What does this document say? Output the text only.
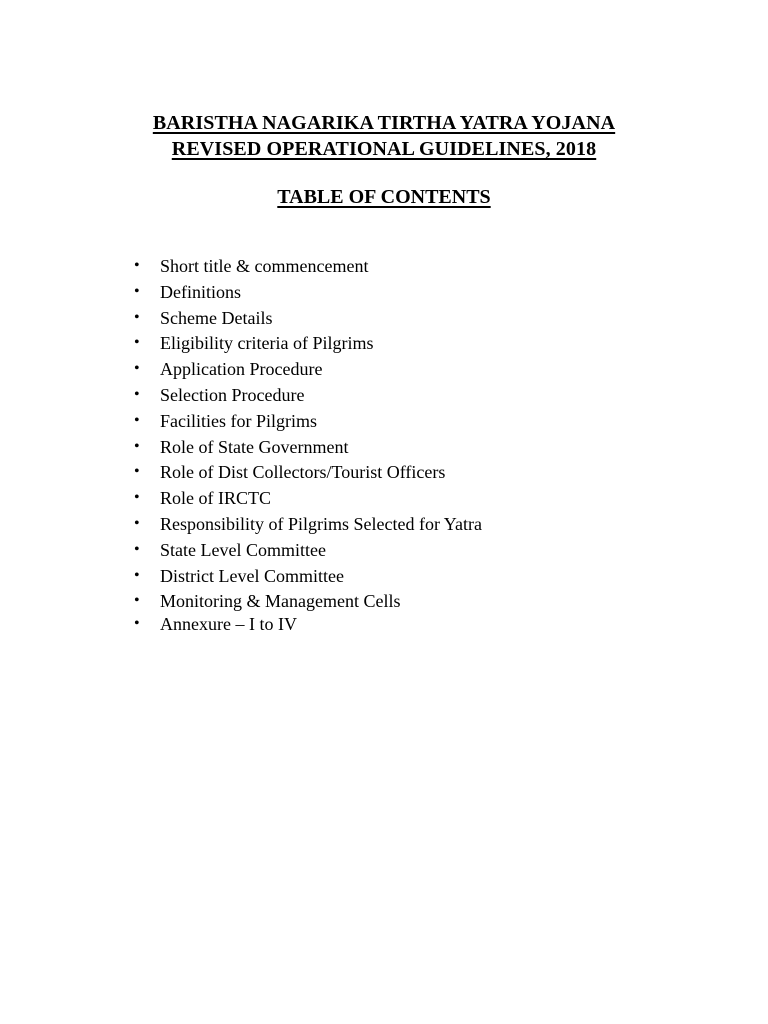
BARISTHA NAGARIKA TIRTHA YATRA YOJANA
REVISED OPERATIONAL GUIDELINES, 2018
TABLE OF CONTENTS
• Short title & commencement
• Definitions
• Scheme Details
• Eligibility criteria of Pilgrims
• Application Procedure
• Selection Procedure
• Facilities for Pilgrims
• Role of State Government
• Role of Dist Collectors/Tourist Officers
• Role of IRCTC
• Responsibility of Pilgrims Selected for Yatra
• State Level Committee
• District Level Committee
• Monitoring & Management Cells
• Annexure – I to IV
